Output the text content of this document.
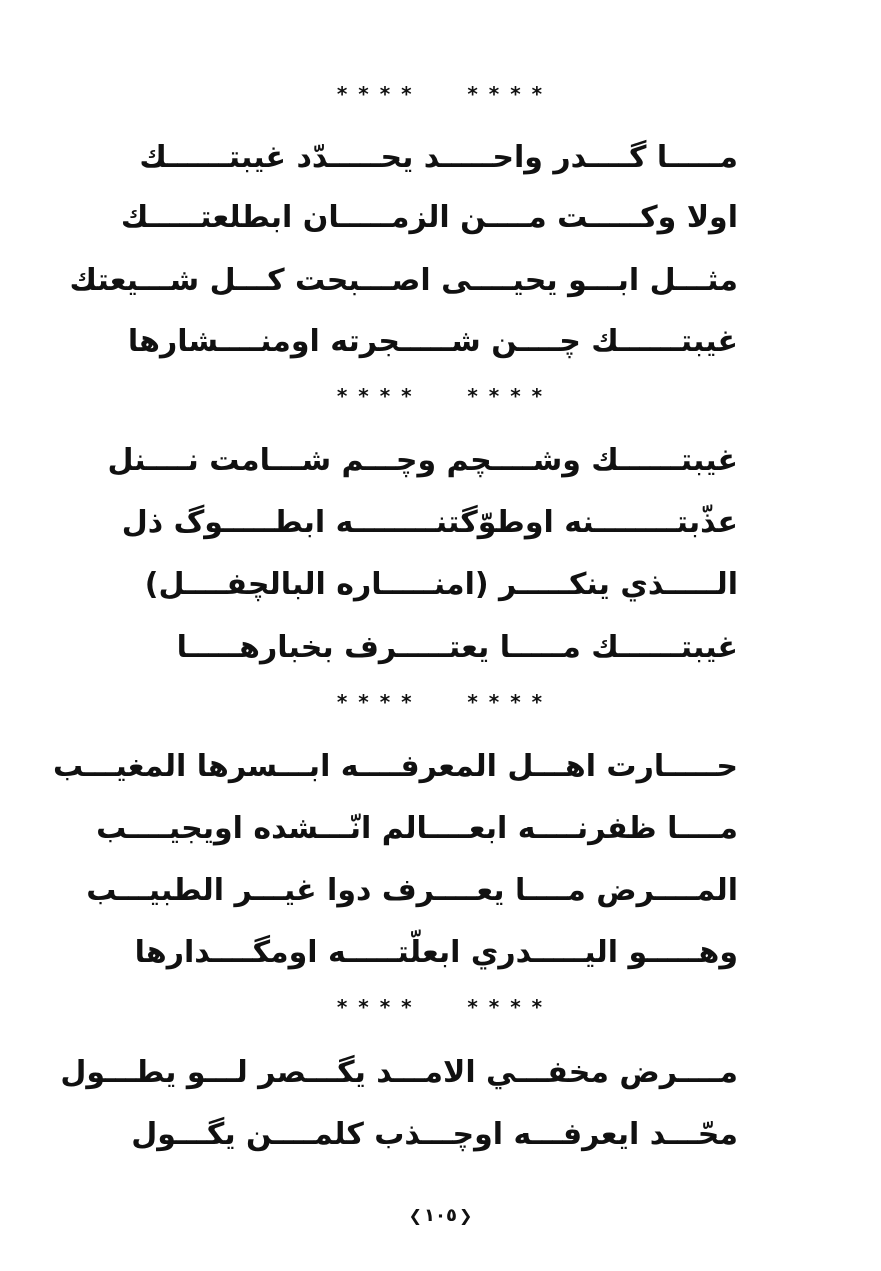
* * * *      * * * *
مـــــا گــــدر واحـــــد يحـــــدّد غيبتــــــك
اولا وكـــــت مــــن الزمـــــان ابطلعتـــــك
مثـــل ابـــو يحيــــى اصـــبحت كـــل شـــيعتك
غيبتــــــك چــــن شـــــجرته اومنــــشارها
* * * *      * * * *
غيبتــــــك وشــــچم وچـــم شـــامت نــــنل
عذّبتــــــــنه اوطوّگتنــــــــه ابطـــــوگ ذل
الـــــذي ينكـــــر (امنـــــاره البالچفــــل)
غيبتــــــك مـــــا يعتـــــرف بخبارهـــــا
* * * *      * * * *
حـــــارت اهـــل المعرفــــه ابـــسرها المغيـــب
مــــا ظفرنــــه ابعــــالم انّـــشده اويجيــــب
المــــرض مــــا يعــــرف دوا غيـــر الطبيـــب
وهـــــو اليـــــدري ابعلّتـــــه اومگــــدارها
* * * *      * * * *
مــــرض مخفـــي الامـــد يگـــصر لـــو يطـــول
محّـــد ايعرفـــه اوچـــذب كلمــــن يگـــول
❮ ١٠٥ ❯
